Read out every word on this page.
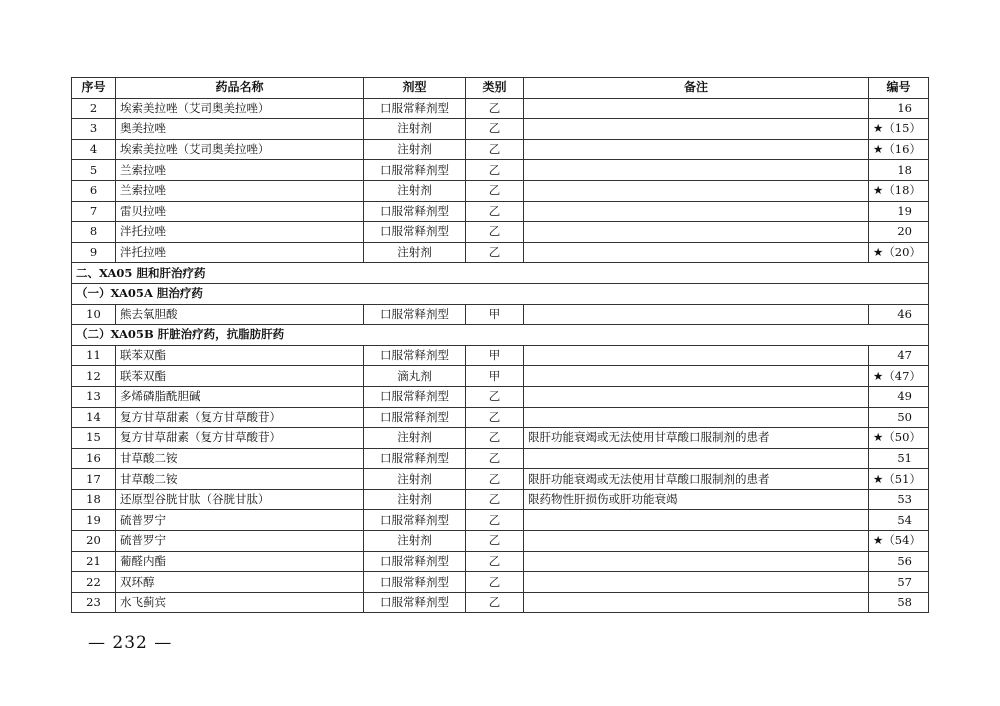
序号	药品名称	剂型	类别	备注	编号
2	埃索美拉唑（艾司奥美拉唑）	口服常释剂型	乙		16
3	奥美拉唑	注射剂	乙		★（15）
4	埃索美拉唑（艾司奥美拉唑）	注射剂	乙		★（16）
5	兰索拉唑	口服常释剂型	乙		18
6	兰索拉唑	注射剂	乙		★（18）
7	雷贝拉唑	口服常释剂型	乙		19
8	泮托拉唑	口服常释剂型	乙		20
9	泮托拉唑	注射剂	乙		★（20）
二、XA05 胆和肝治疗药					
（一）XA05A 胆治疗药					
10	熊去氧胆酸	口服常释剂型	甲		46
（二）XA05B 肝脏治疗药，抗脂肪肝药					
11	联苯双酯	口服常释剂型	甲		47
12	联苯双酯	滴丸剂	甲		★（47）
13	多烯磷脂酰胆碱	口服常释剂型	乙		49
14	复方甘草甜素（复方甘草酸苷）	口服常释剂型	乙		50
15	复方甘草甜素（复方甘草酸苷）	注射剂	乙	限肝功能衰竭或无法使用甘草酸口服制剂的患者	★（50）
16	甘草酸二铵	口服常释剂型	乙		51
17	甘草酸二铵	注射剂	乙	限肝功能衰竭或无法使用甘草酸口服制剂的患者	★（51）
18	还原型谷胱甘肽（谷胱甘肽）	注射剂	乙	限药物性肝损伤或肝功能衰竭	53
19	硫普罗宁	口服常释剂型	乙		54
20	硫普罗宁	注射剂	乙		★（54）
21	葡醛内酯	口服常释剂型	乙		56
22	双环醇	口服常释剂型	乙		57
23	水飞蓟宾	口服常释剂型	乙		58
— 232 —
